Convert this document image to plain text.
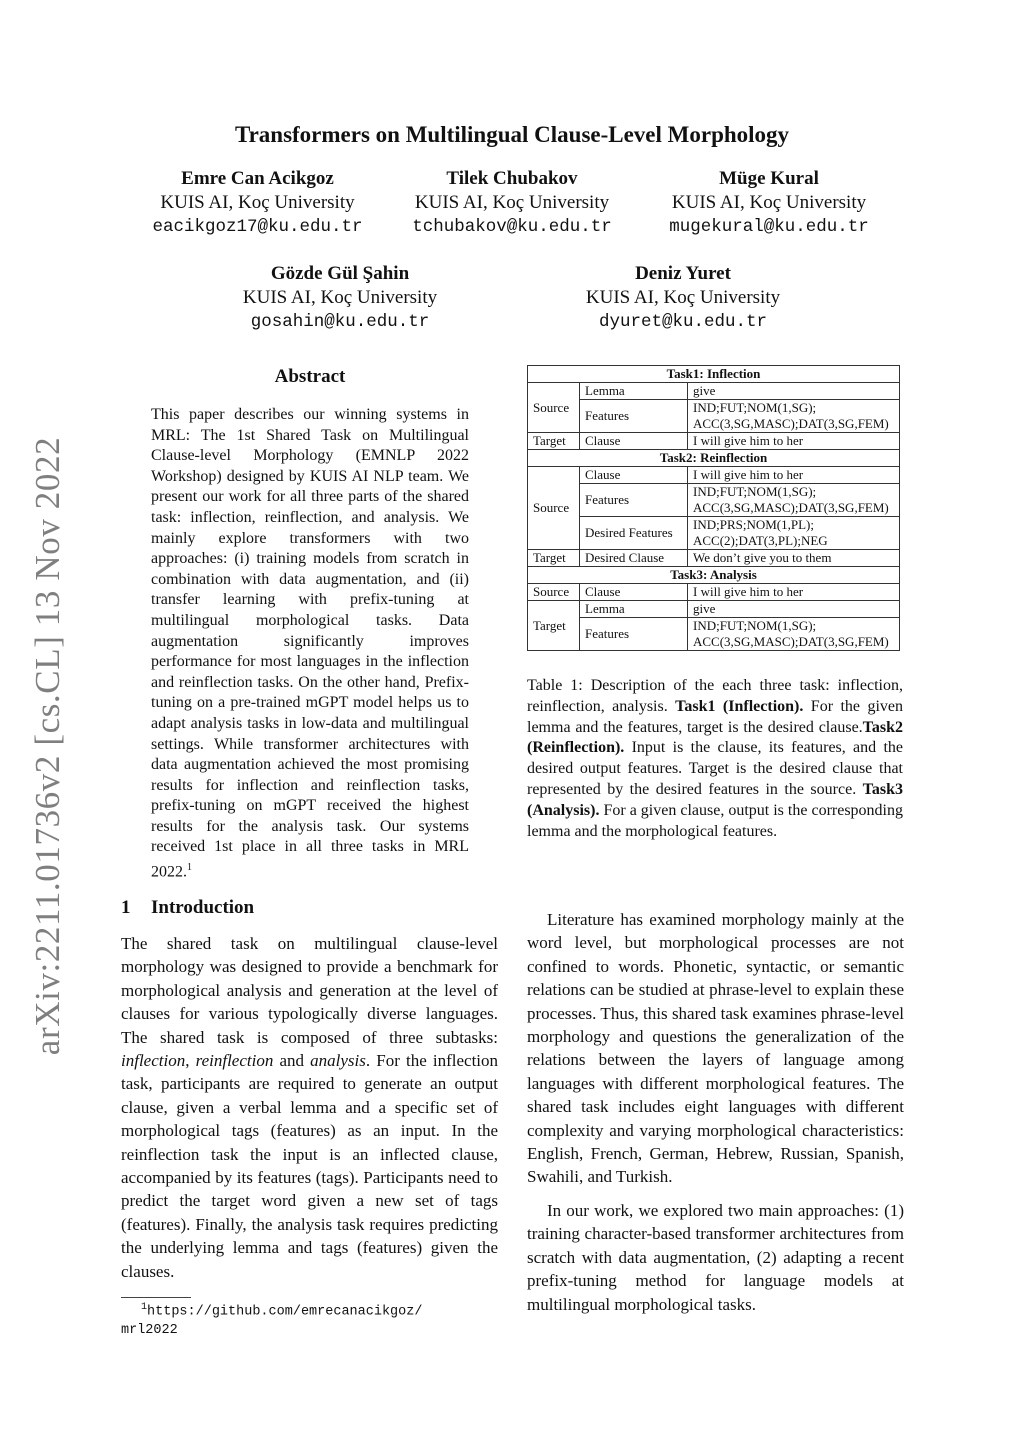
arXiv:2211.01736v2 [cs.CL] 13 Nov 2022
Transformers on Multilingual Clause-Level Morphology
Emre Can Acikgoz
KUIS AI, Koç University
eacikgoz17@ku.edu.tr
Tilek Chubakov
KUIS AI, Koç University
tchubakov@ku.edu.tr
Müge Kural
KUIS AI, Koç University
mugekural@ku.edu.tr
Gözde Gül Şahin
KUIS AI, Koç University
gosahin@ku.edu.tr
Deniz Yuret
KUIS AI, Koç University
dyuret@ku.edu.tr
Abstract
This paper describes our winning systems in MRL: The 1st Shared Task on Multilingual Clause-level Morphology (EMNLP 2022 Workshop) designed by KUIS AI NLP team. We present our work for all three parts of the shared task: inflection, reinflection, and analysis. We mainly explore transformers with two approaches: (i) training models from scratch in combination with data augmentation, and (ii) transfer learning with prefix-tuning at multilingual morphological tasks. Data augmentation significantly improves performance for most languages in the inflection and reinflection tasks. On the other hand, Prefix-tuning on a pre-trained mGPT model helps us to adapt analysis tasks in low-data and multilingual settings. While transformer architectures with data augmentation achieved the most promising results for inflection and reinflection tasks, prefix-tuning on mGPT received the highest results for the analysis task. Our systems received 1st place in all three tasks in MRL 2022.$^1$
1 Introduction

The shared task on multilingual clause-level morphology was designed to provide a benchmark for morphological analysis and generation at the level of clauses for various typologically diverse languages. The shared task is composed of three subtasks: inflection, reinflection and analysis. For the inflection task, participants are required to generate an output clause, given a verbal lemma and a specific set of morphological tags (features) as an input. In the reinflection task the input is an inflected clause, accompanied by its features (tags). Participants need to predict the target word given a new set of tags (features). Finally, the analysis task requires predicting the underlying lemma and tags (features) given the clauses.

$^1$https://github.com/emrecanacikgoz/
mrl2022
Task1: Inflection		
Source	Lemma	give
	Features	IND;FUT;NOM(1,SG);
ACC(3,SG,MASC);DAT(3,SG,FEM)

Target	Clause	I will give him to her
Task2: Reinflection		
Source	Clause	I will give him to her
	Features	IND;FUT;NOM(1,SG);
ACC(3,SG,MASC);DAT(3,SG,FEM)

	Desired Features	IND;PRS;NOM(1,PL);
ACC(2);DAT(3,PL);NEG

Target	Desired Clause	We don’t give you to them
Task3: Analysis		
Source	Clause	I will give him to her
Target	Lemma	give
	Features	IND;FUT;NOM(1,SG);
ACC(3,SG,MASC);DAT(3,SG,FEM)
Table 1: Description of the each three task: inflection, reinflection, analysis. Task1 (Inflection). For the given lemma and the features, target is the desired clause.Task2 (Reinflection). Input is the clause, its features, and the desired output features. Target is the desired clause that represented by the desired features in the source. Task3 (Analysis). For a given clause, output is the corresponding lemma and the morphological features.

Literature has examined morphology mainly at the word level, but morphological processes are not confined to words. Phonetic, syntactic, or semantic relations can be studied at phrase-level to explain these processes. Thus, this shared task examines phrase-level morphology and questions the generalization of the relations between the layers of language among languages with different morphological features. The shared task includes eight languages with different complexity and varying morphological characteristics: English, French, German, Hebrew, Russian, Spanish, Swahili, and Turkish.

In our work, we explored two main approaches: (1) training character-based transformer architectures from scratch with data augmentation, (2) adapting a recent prefix-tuning method for language models at multilingual morphological tasks.
